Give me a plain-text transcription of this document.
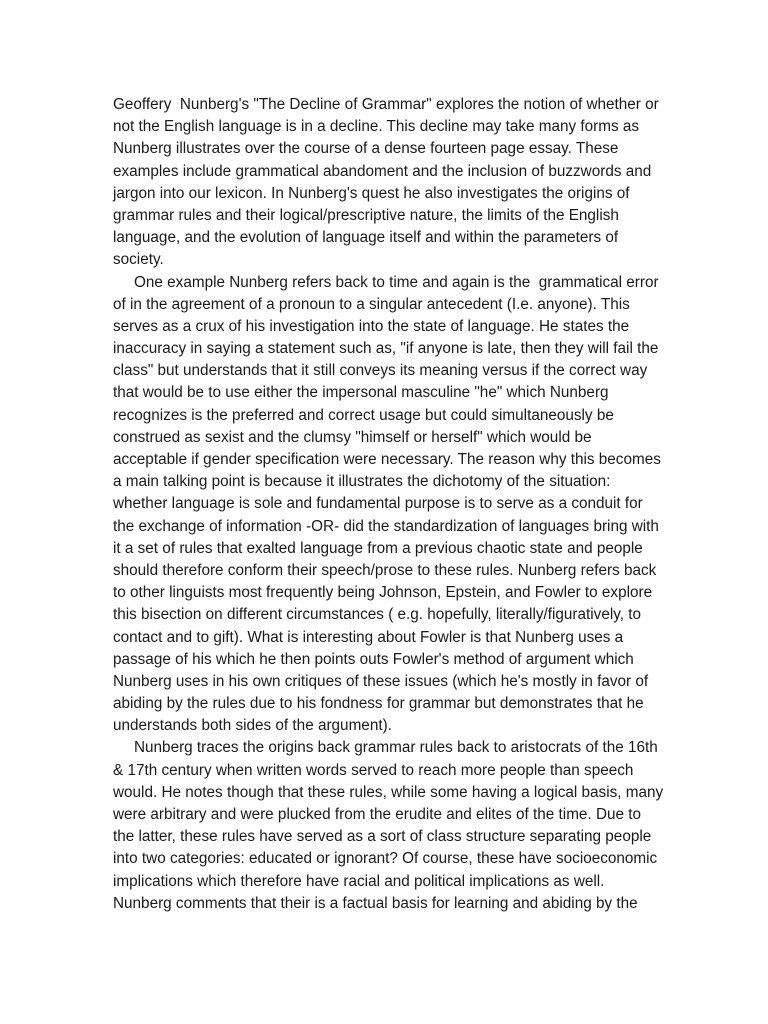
Geoffery  Nunberg's "The Decline of Grammar" explores the notion of whether or
not the English language is in a decline. This decline may take many forms as
Nunberg illustrates over the course of a dense fourteen page essay. These
examples include grammatical abandoment and the inclusion of buzzwords and
jargon into our lexicon. In Nunberg's quest he also investigates the origins of
grammar rules and their logical/prescriptive nature, the limits of the English
language, and the evolution of language itself and within the parameters of
society.
One example Nunberg refers back to time and again is the  grammatical error
of in the agreement of a pronoun to a singular antecedent (I.e. anyone). This
serves as a crux of his investigation into the state of language. He states the
inaccuracy in saying a statement such as, "if anyone is late, then they will fail the
class" but understands that it still conveys its meaning versus if the correct way
that would be to use either the impersonal masculine "he" which Nunberg
recognizes is the preferred and correct usage but could simultaneously be
construed as sexist and the clumsy "himself or herself" which would be
acceptable if gender specification were necessary. The reason why this becomes
a main talking point is because it illustrates the dichotomy of the situation:
whether language is sole and fundamental purpose is to serve as a conduit for
the exchange of information -OR- did the standardization of languages bring with
it a set of rules that exalted language from a previous chaotic state and people
should therefore conform their speech/prose to these rules. Nunberg refers back
to other linguists most frequently being Johnson, Epstein, and Fowler to explore
this bisection on different circumstances ( e.g. hopefully, literally/figuratively, to
contact and to gift). What is interesting about Fowler is that Nunberg uses a
passage of his which he then points outs Fowler's method of argument which
Nunberg uses in his own critiques of these issues (which he's mostly in favor of
abiding by the rules due to his fondness for grammar but demonstrates that he
understands both sides of the argument).
Nunberg traces the origins back grammar rules back to aristocrats of the 16th
& 17th century when written words served to reach more people than speech
would. He notes though that these rules, while some having a logical basis, many
were arbitrary and were plucked from the erudite and elites of the time. Due to
the latter, these rules have served as a sort of class structure separating people
into two categories: educated or ignorant? Of course, these have socioeconomic
implications which therefore have racial and political implications as well.
Nunberg comments that their is a factual basis for learning and abiding by the
